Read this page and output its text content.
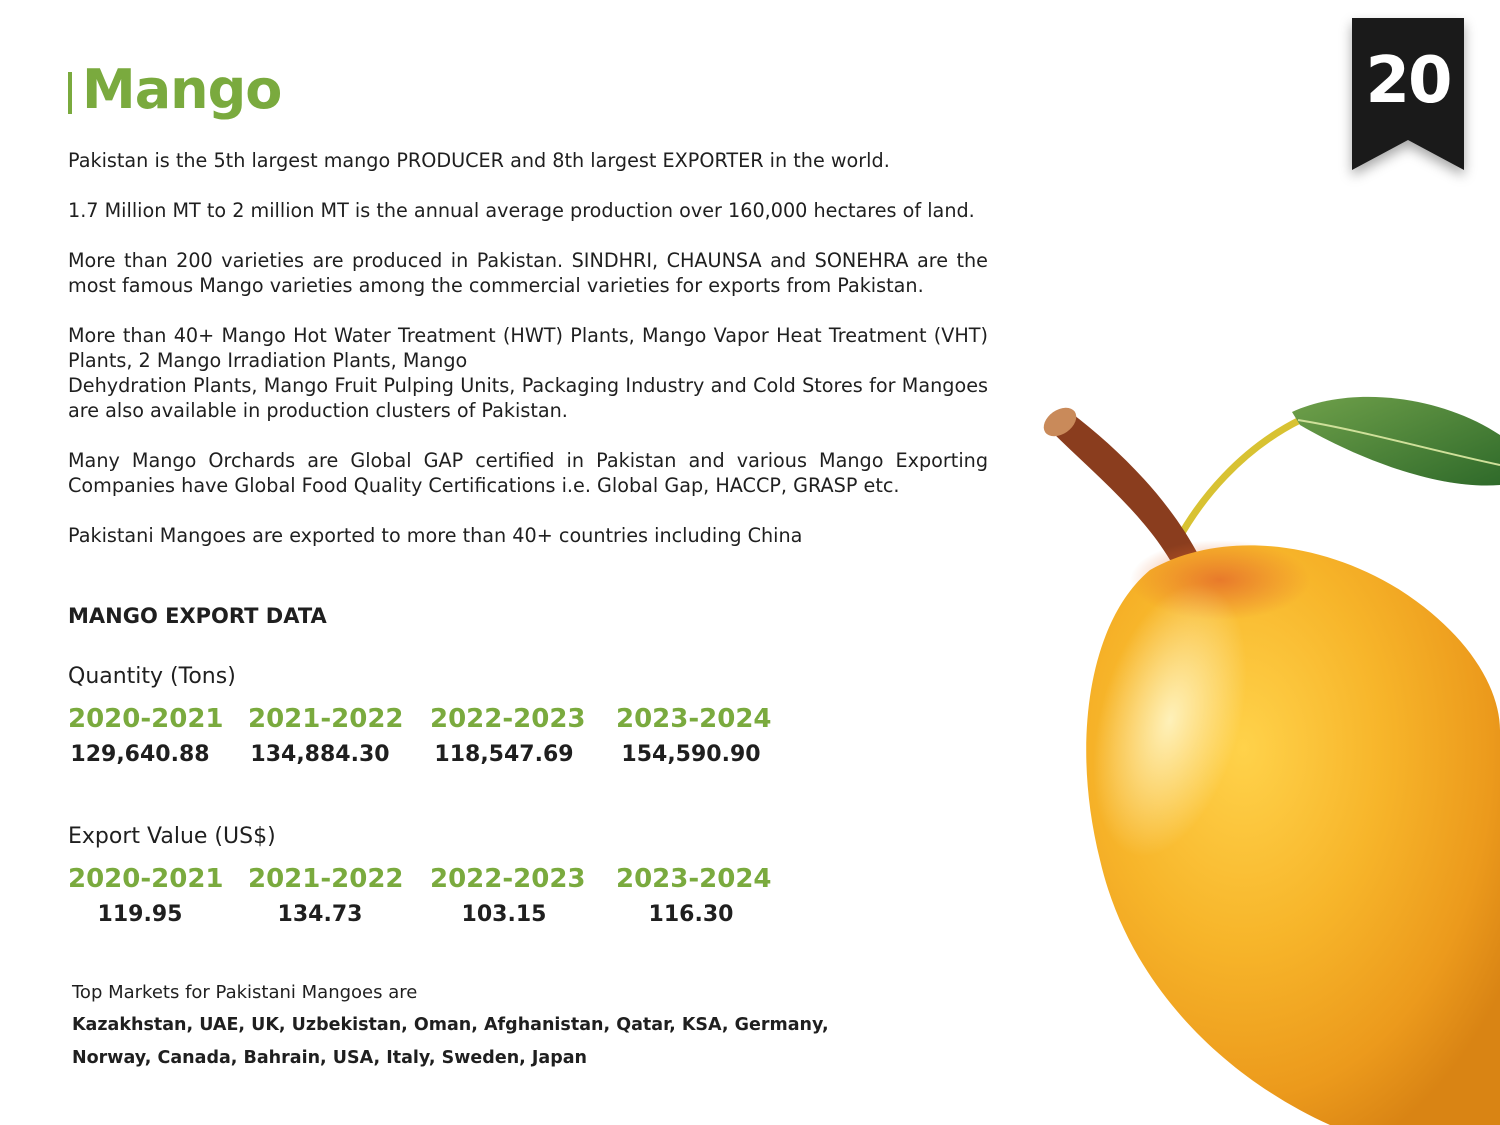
Mango	20

Pakistan is the 5th largest mango PRODUCER and 8th largest EXPORTER in the world.

1.7 Million MT to 2 million MT is the annual average production over 160,000 hectares of land.

More than 200 varieties are produced in Pakistan. SINDHRI, CHAUNSA and SONEHRA are the most famous Mango varieties among the commercial varieties for exports from Pakistan.

More than 40+ Mango Hot Water Treatment (HWT) Plants, Mango Vapor Heat Treatment (VHT) Plants, 2 Mango Irradiation Plants, Mango

Dehydration Plants, Mango Fruit Pulping Units, Packaging Industry and Cold Stores for Mangoes are also available in production clusters of Pakistan.

Many Mango Orchards are Global GAP certified in Pakistan and various Mango Exporting Companies have Global Food Quality Certifications i.e. Global Gap, HACCP, GRASP etc.

Pakistani Mangoes are exported to more than 40+ countries including China

MANGO EXPORT DATA
Quantity (Tons)
2020-2021 2021-2022 2022-2023 2023-2024
129,640.88 134,884.30 118,547.69 154,590.90
Export Value (US$)
2020-2021 2021-2022 2022-2023 2023-2024
119.95	134.73	103.15	116.30
Top Markets for Pakistani Mangoes are
Kazakhstan, UAE, UK, Uzbekistan, Oman, Afghanistan, Qatar, KSA, Germany,
Norway, Canada, Bahrain, USA, Italy, Sweden, Japan
